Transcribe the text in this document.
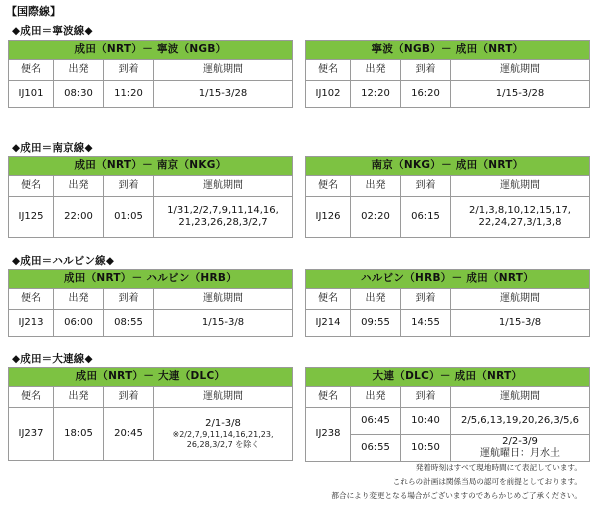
【国際線】
◆成田＝寧波線◆
成田（NRT）－ 寧波（NGB）			
便名	出発	到着	運航期間
IJ101	08:30	11:20	1/15-3/28
寧波（NGB）－ 成田（NRT）			
便名	出発	到着	運航期間
IJ102	12:20	16:20	1/15-3/28
◆成田＝南京線◆
成田（NRT）－ 南京（NKG）			
便名	出発	到着	運航期間
IJ125	22:00	01:05	1/31,2/2,7,9,11,14,16,
21,23,26,28,3/2,7
南京（NKG）－ 成田（NRT）			
便名	出発	到着	運航期間
IJ126	02:20	06:15	2/1,3,8,10,12,15,17,
22,24,27,3/1,3,8
◆成田＝ハルビン線◆
成田（NRT）－ ハルビン（HRB）			
便名	出発	到着	運航期間
IJ213	06:00	08:55	1/15-3/8
ハルビン（HRB）－ 成田（NRT）			
便名	出発	到着	運航期間
IJ214	09:55	14:55	1/15-3/8
◆成田＝大連線◆
成田（NRT）－ 大連（DLC）			
便名	出発	到着	運航期間
IJ237	18:05	20:45	2/1-3/8
※2/2,7,9,11,14,16,21,23,
26,28,3/2,7 を除く
大連（DLC）－ 成田（NRT）			
便名	出発	到着	運航期間
IJ238	06:45	10:40	2/5,6,13,19,20,26,3/5,6
	06:55	10:50	2/2-3/9
運航曜日：月水土
発着時刻はすべて現地時間にて表記しています。
これらの計画は関係当局の認可を前提としております。
都合により変更となる場合がございますのであらかじめご了承ください。
